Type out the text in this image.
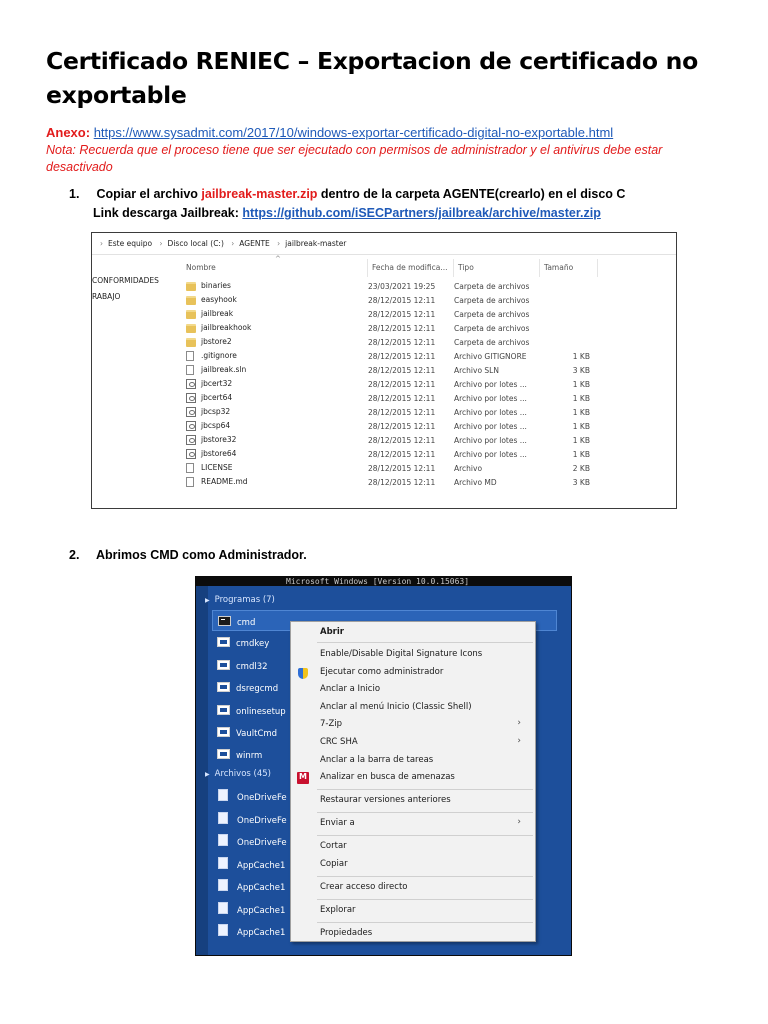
Certificado RENIEC – Exportacion de certificado no exportable
Anexo: https://www.sysadmit.com/2017/10/windows-exportar-certificado-digital-no-exportable.html
Nota: Recuerda que el proceso tiene que ser ejecutado con permisos de administrador y el antivirus debe estar desactivado
1. Copiar el archivo jailbreak-master.zip dentro de la carpeta AGENTE(crearlo) en el disco C
Link descarga Jailbreak: https://github.com/iSECPartners/jailbreak/archive/master.zip
› Este equipo › Disco local (C:) › AGENTE › jailbreak-master
CONFORMIDADES
RABAJO
^
Nombre	Fecha de modifica...	Tipo	Tamaño
binaries	23/03/2021 19:25	Carpeta de archivos	
easyhook	28/12/2015 12:11	Carpeta de archivos	
jailbreak	28/12/2015 12:11	Carpeta de archivos	
jailbreakhook	28/12/2015 12:11	Carpeta de archivos	
jbstore2	28/12/2015 12:11	Carpeta de archivos	
.gitignore	28/12/2015 12:11	Archivo GITIGNORE	1 KB
jailbreak.sln	28/12/2015 12:11	Archivo SLN	3 KB
jbcert32	28/12/2015 12:11	Archivo por lotes ...	1 KB
jbcert64	28/12/2015 12:11	Archivo por lotes ...	1 KB
jbcsp32	28/12/2015 12:11	Archivo por lotes ...	1 KB
jbcsp64	28/12/2015 12:11	Archivo por lotes ...	1 KB
jbstore32	28/12/2015 12:11	Archivo por lotes ...	1 KB
jbstore64	28/12/2015 12:11	Archivo por lotes ...	1 KB
LICENSE	28/12/2015 12:11	Archivo	2 KB
README.md	28/12/2015 12:11	Archivo MD	3 KB
2. Abrimos CMD como Administrador.
Microsoft Windows [Version 10.0.15063]
▶ Programas (7)
cmd
cmdkey
cmdl32
dsregcmd
onlinesetup
VaultCmd
winrm
▶ Archivos (45)
OneDriveFe
OneDriveFe
OneDriveFe
AppCache1
AppCache1
AppCache1
AppCache1
Abrir
Enable/Disable Digital Signature Icons
Ejecutar como administrador
Anclar a Inicio
Anclar al menú Inicio (Classic Shell)
7-Zip	›
CRC SHA	›
Anclar a la barra de tareas
M
Analizar en busca de amenazas
Restaurar versiones anteriores
Enviar a	›
Cortar
Copiar
Crear acceso directo
Explorar
Propiedades
